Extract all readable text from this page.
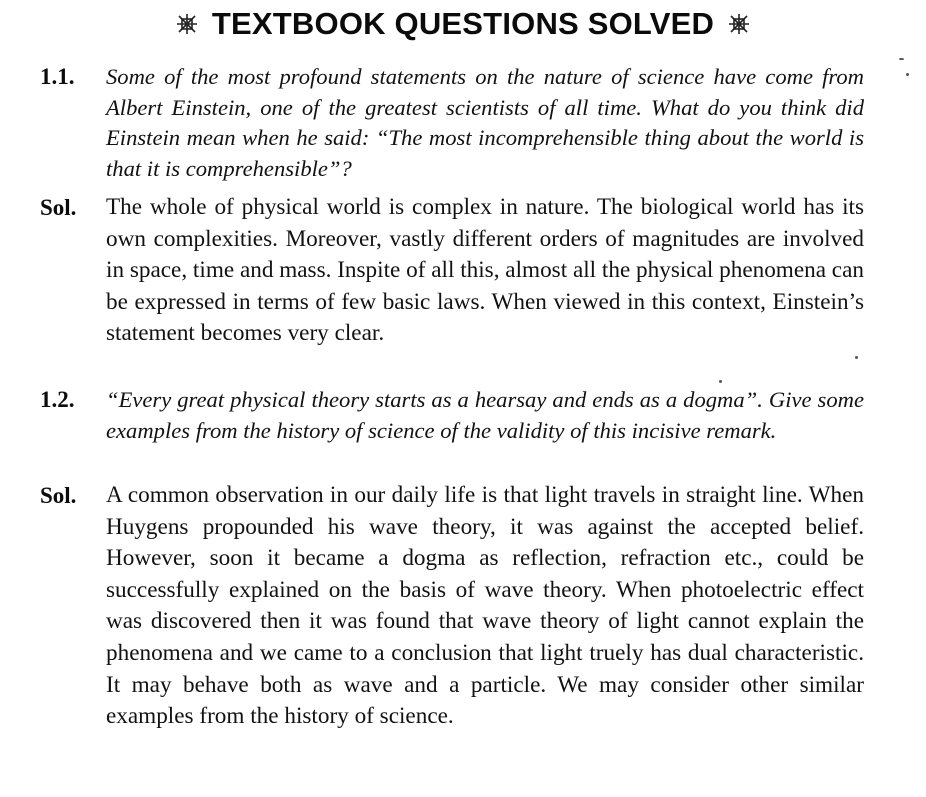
TEXTBOOK QUESTIONS SOLVED
1.1.	Some of the most profound statements on the nature of science have come from Albert Einstein, one of the greatest scientists of all time. What do you think did Einstein mean when he said: “The most incomprehensible thing about the world is that it is comprehensible”?
Sol.	The whole of physical world is complex in nature. The biological world has its own complexities. Moreover, vastly different orders of magnitudes are involved in space, time and mass. Inspite of all this, almost all the physical phenomena can be expressed in terms of few basic laws. When viewed in this context, Einstein’s statement becomes very clear.
1.2.	“Every great physical theory starts as a hearsay and ends as a dogma”. Give some examples from the history of science of the validity of this incisive remark.
Sol.	A common observation in our daily life is that light travels in straight line. When Huygens propounded his wave theory, it was against the accepted belief. However, soon it became a dogma as reflection, refraction etc., could be successfully explained on the basis of wave theory. When photoelectric effect was discovered then it was found that wave theory of light cannot explain the phenomena and we came to a conclusion that light truely has dual characteristic. It may behave both as wave and a particle. We may consider other similar examples from the history of science.
